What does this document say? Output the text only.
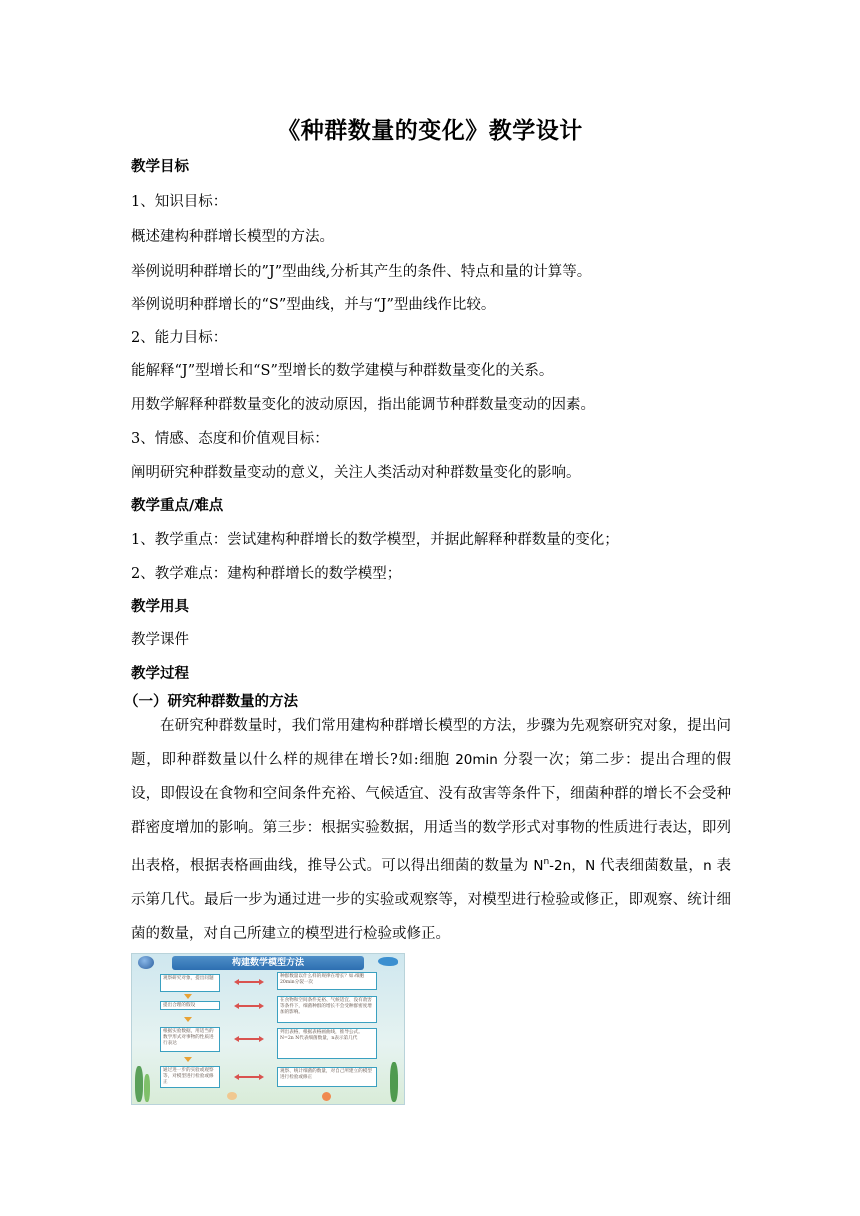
《种群数量的变化》教学设计
教学目标
1、知识目标：
概述建构种群增长模型的方法。
举例说明种群增长的”J”型曲线,分析其产生的条件、特点和量的计算等。
举例说明种群增长的“S”型曲线，并与“J”型曲线作比较。
2、能力目标：
能解释“J”型增长和“S”型增长的数学建模与种群数量变化的关系。
用数学解释种群数量变化的波动原因，指出能调节种群数量变动的因素。
3、情感、态度和价值观目标：
阐明研究种群数量变动的意义，关注人类活动对种群数量变化的影响。
教学重点/难点
1、教学重点：尝试建构种群增长的数学模型，并据此解释种群数量的变化；
2、教学难点：建构种群增长的数学模型；
教学用具
教学课件
教学过程
（一）研究种群数量的方法
在研究种群数量时，我们常用建构种群增长模型的方法，步骤为先观察研究对象，提出问题，即种群数量以什么样的规律在增长?如:细胞 20min 分裂一次；第二步：提出合理的假设，即假设在食物和空间条件充裕、气候适宜、没有敌害等条件下，细菌种群的增长不会受种群密度增加的影响。第三步：根据实验数据，用适当的数学形式对事物的性质进行表达，即列出表格，根据表格画曲线，推导公式。可以得出细菌的数量为 $N^n-2n$，N 代表细菌数量，n 表示第几代。最后一步为通过进一步的实验或观察等，对模型进行检验或修正，即观察、统计细菌的数量，对自己所建立的模型进行检验或修正。
构建数学模型方法
观察研究对象，提出问题
提出合理的假设
根据实验数据，用适当的数学形式对事物的性质进行表达
通过进一步的实验或观察等，对模型进行检验或修正
种群数量以什么样的规律在增长？如:细胞20min分裂一次
在食物和空间条件充裕、气候适宜、没有敌害等条件下，细菌种群的增长不会受种群密度增加的影响。
列出表格，根据表格画曲线，推导公式。N=2n N代表细菌数量，n表示第几代
观察、统计细菌的数量，对自己所建立的模型进行检验或修正
